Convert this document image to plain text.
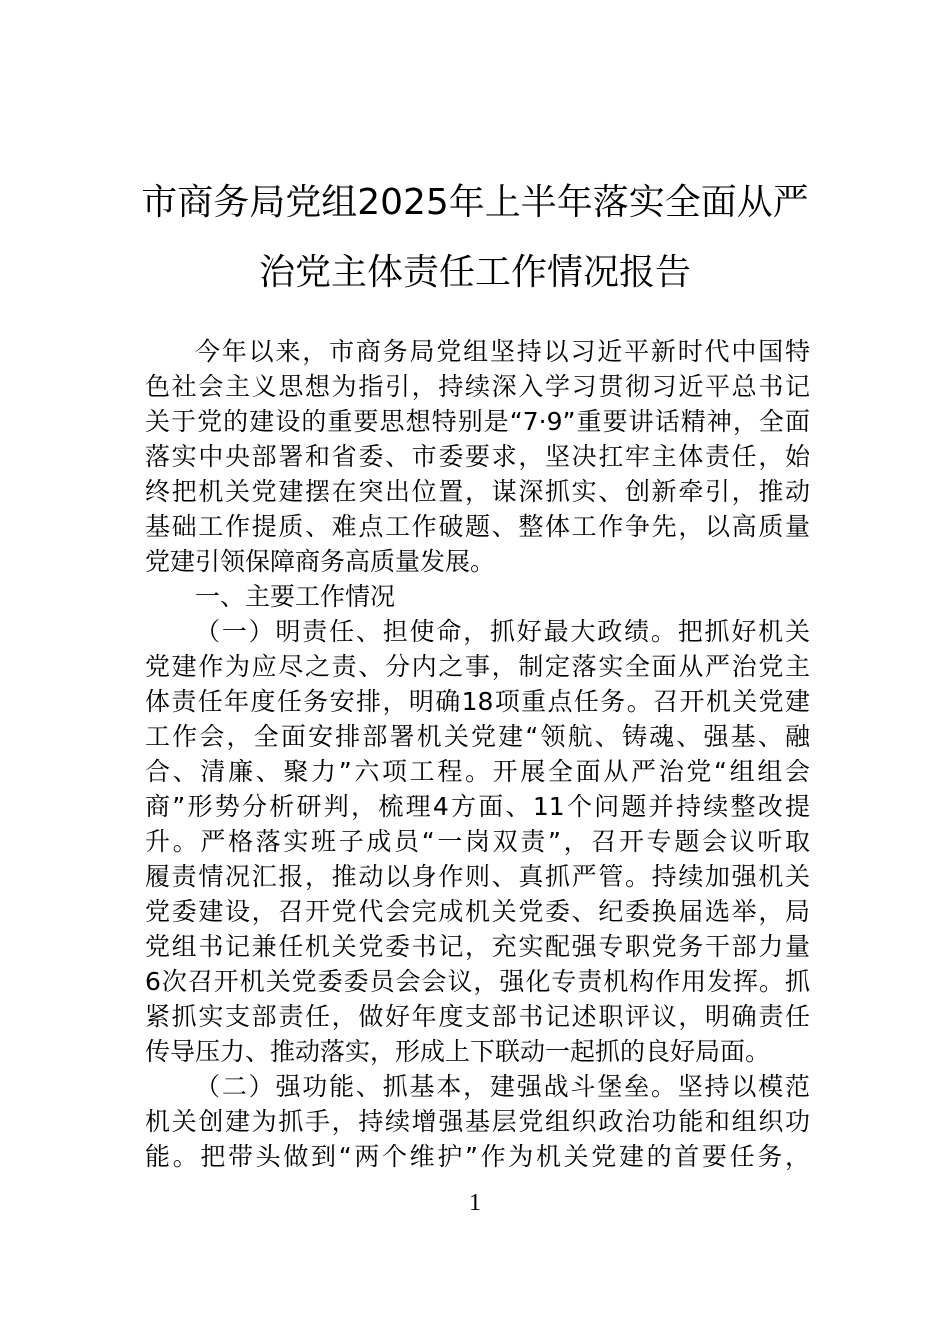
市商务局党组2025年上半年落实全面从严
治党主体责任工作情况报告
今年以来，市商务局党组坚持以习近平新时代中国特
色社会主义思想为指引，持续深入学习贯彻习近平总书记
关于党的建设的重要思想特别是“7·9”重要讲话精神，全面
落实中央部署和省委、市委要求，坚决扛牢主体责任，始
终把机关党建摆在突出位置，谋深抓实、创新牵引，推动
基础工作提质、难点工作破题、整体工作争先，以高质量
党建引领保障商务高质量发展。
一、主要工作情况
（一）明责任、担使命，抓好最大政绩。把抓好机关
党建作为应尽之责、分内之事，制定落实全面从严治党主
体责任年度任务安排，明确18项重点任务。召开机关党建
工作会，全面安排部署机关党建“领航、铸魂、强基、融
合、清廉、聚力”六项工程。开展全面从严治党“组组会
商”形势分析研判，梳理4方面、11个问题并持续整改提
升。严格落实班子成员“一岗双责”，召开专题会议听取
履责情况汇报，推动以身作则、真抓严管。持续加强机关
党委建设，召开党代会完成机关党委、纪委换届选举，局
党组书记兼任机关党委书记，充实配强专职党务干部力量
6次召开机关党委委员会会议，强化专责机构作用发挥。抓
紧抓实支部责任，做好年度支部书记述职评议，明确责任
传导压力、推动落实，形成上下联动一起抓的良好局面。
（二）强功能、抓基本，建强战斗堡垒。坚持以模范
机关创建为抓手，持续增强基层党组织政治功能和组织功
能。把带头做到“两个维护”作为机关党建的首要任务，
1
